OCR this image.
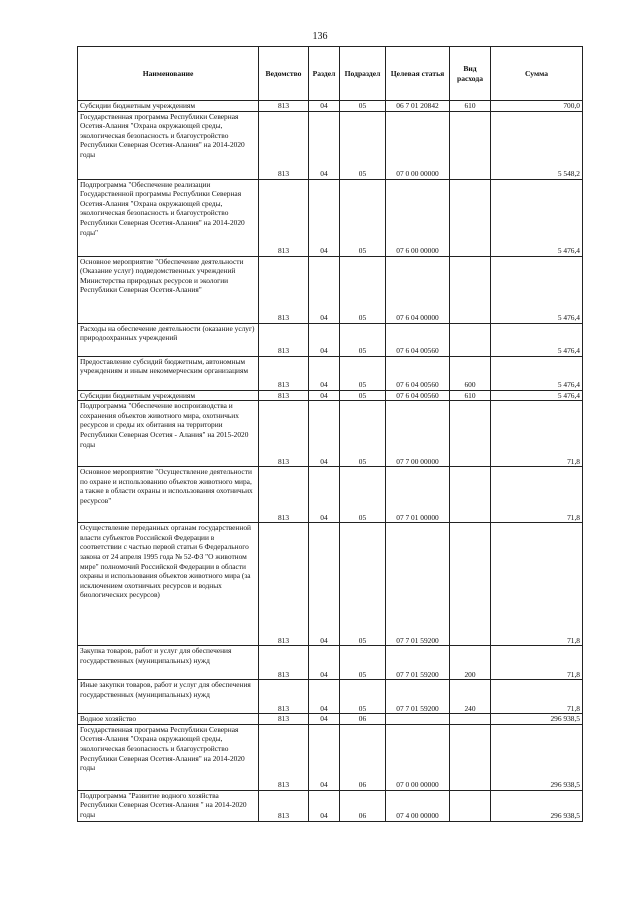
136
Наименование	Ведомство	Раздел	Подраздел	Целевая статья	Вид расхода	Сумма
Субсидии бюджетным учреждениям	813	04	05	06 7 01 20842	610	700,0
Государственная программа Республики Северная Осетия-Алания "Охрана окружающей среды, экологическая безопасность и благоустройство Республики Северная Осетия-Алания" на 2014-2020 годы	813	04	05	07 0 00 00000		5 548,2
Подпрограмма "Обеспечение реализации Государственной программы Республики Северная Осетия-Алания "Охрана окружающей среды, экологическая безопасность и благоустройство Республики Северная Осетия-Алания" на 2014-2020 годы"	813	04	05	07 6 00 00000		5 476,4
Основное мероприятие "Обеспечение деятельности (Оказание услуг) подведомственных учреждений Министерства природных ресурсов и экологии Республики Северная Осетия-Алания"	813	04	05	07 6 04 00000		5 476,4
Расходы на обеспечение деятельности (оказание услуг) природоохранных учреждений	813	04	05	07 6 04 00560		5 476,4
Предоставление субсидий бюджетным, автономным учреждениям и иным некоммерческим организациям	813	04	05	07 6 04 00560	600	5 476,4
Субсидии бюджетным учреждениям	813	04	05	07 6 04 00560	610	5 476,4
Подпрограмма "Обеспечение воспроизводства и сохранения объектов животного мира, охотничьих ресурсов и среды их обитания на территории Республики Северная Осетия - Алания" на 2015-2020 годы	813	04	05	07 7 00 00000		71,8
Основное мероприятие "Осуществление деятельности по охране и использованию объектов животного мира, а также в области охраны и использования охотничьих ресурсов"	813	04	05	07 7 01 00000		71,8
Осуществление переданных органам государственной власти субъектов Российской Федерации в соответствии с частью первой статьи 6 Федерального закона от 24 апреля 1995 года № 52-ФЗ "О животном мире" полномочий Российской Федерации в области охраны и использования объектов животного мира (за исключением охотничьих ресурсов и водных биологических ресурсов)	813	04	05	07 7 01 59200		71,8
Закупка товаров, работ и услуг для обеспечения государственных (муниципальных) нужд	813	04	05	07 7 01 59200	200	71,8
Иные закупки товаров, работ и услуг для обеспечения государственных (муниципальных) нужд	813	04	05	07 7 01 59200	240	71,8
Водное хозяйство	813	04	06			296 938,5
Государственная программа Республики Северная Осетия-Алания "Охрана окружающей среды, экологическая безопасность и благоустройство Республики Северная Осетия-Алания" на 2014-2020 годы	813	04	06	07 0 00 00000		296 938,5
Подпрограмма "Развитие водного хозяйства Республики Северная Осетия-Алания " на 2014-2020 годы	813	04	06	07 4 00 00000		296 938,5
